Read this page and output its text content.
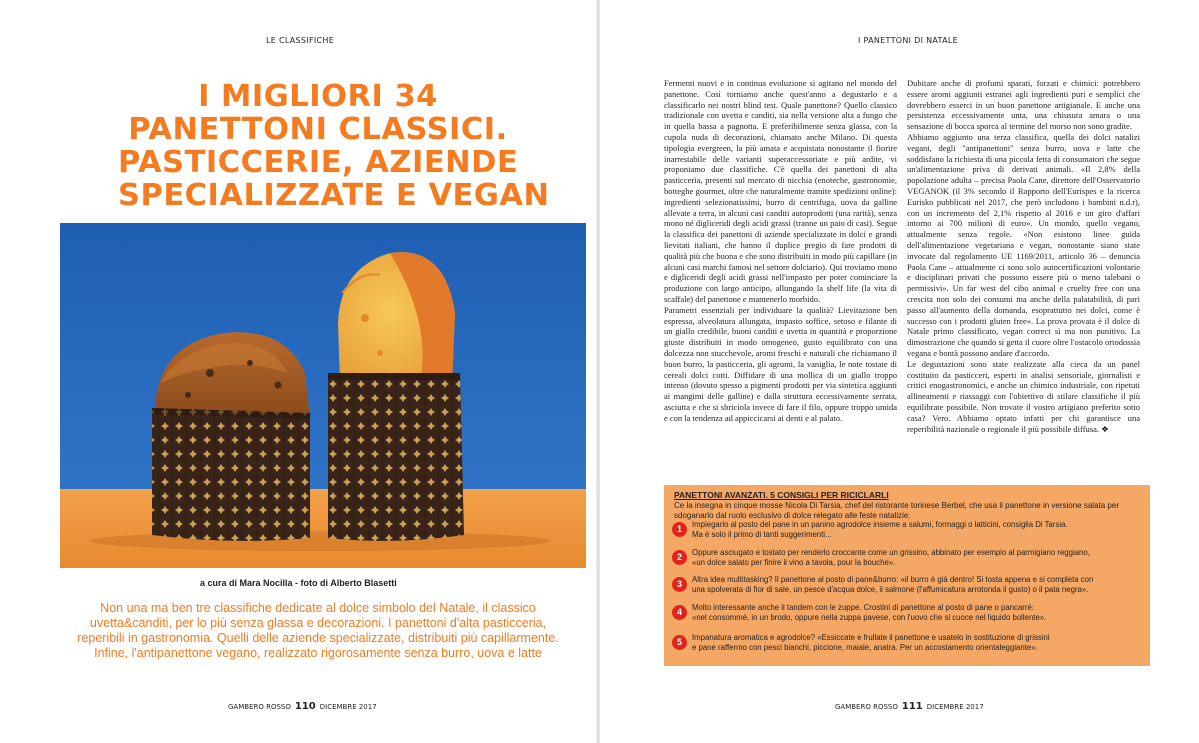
LE CLASSIFICHE
I MIGLIORI 34
PANETTONI CLASSICI.
PASTICCERIE, AZIENDE
SPECIALIZZATE E VEGAN
a cura di Mara Nocilla - foto di Alberto Blasetti
Non una ma ben tre classifiche dedicate al dolce simbolo del Natale, il classico
uvetta&canditi, per lo più senza glassa e decorazioni. I panettoni d'alta pasticceria,
reperibili in gastronomia. Quelli delle aziende specializzate, distribuiti più capillarmente.
Infine, l'antipanettone vegano, realizzato rigorosamente senza burro, uova e latte
GAMBERO ROSSO 110 DICEMBRE 2017
I PANETTONI DI NATALE

Fermenti nuovi e in continua evoluzione si agitano nel mondo del panettone. Così torniamo anche quest'anno a degustarlo e a classificarlo nei nostri blind test. Quale panettone? Quello classico tradizionale con uvetta e canditi, sia nella versione alta a fungo che in quella bassa a pagnotta. E preferibilmente senza glassa, con la cupola nuda di decorazioni, chiamato anche Milano. Di questa tipologia evergreen, la più amata e acquistata nonostante il fiorire inarrestabile delle varianti superaccessoriate e più ardite, vi proponiamo due classifiche. C'è quella dei panettoni di alta pasticceria, presenti sul mercato di nicchia (enoteche, gastronomie, botteghe gourmet, oltre che naturalmente tramite spedizioni online): ingredienti selezionatissimi, burro di centrifuga, uova da galline allevate a terra, in alcuni casi canditi autoprodotti (una rarità), senza mono né digliceridi degli acidi grassi (tranne un paio di casi). Segue la classifica dei panettoni di aziende specializzate in dolci e grandi lievitati italiani, che hanno il duplice pregio di fare prodotti di qualità più che buona e che sono distribuiti in modo più capillare (in alcuni casi marchi famosi nel settore dolciario). Qui troviamo mono e digliceridi degli acidi grassi nell'impasto per poter cominciare la produzione con largo anticipo, allungando la shelf life (la vita di scaffale) del panettone e mantenerlo morbido.

Parametri essenziali per individuare la qualità? Lievitazione ben espressa, alveolatura allungata, impasto soffice, setoso e filante di un giallo credibile, buoni canditi e uvetta in quantità e proporzione giuste distribuiti in modo omogeneo, gusto equilibrato con una dolcezza non stucchevole, aromi freschi e naturali che richiamano il buon burro, la pasticceria, gli agrumi, la vaniglia, le note tostate di cereali dolci cotti. Diffidare di una mollica di un giallo troppo intenso (dovuto spesso a pigmenti prodotti per via sintetica aggiunti ai mangimi delle galline) e dalla struttura eccessivamente serrata, asciutta e che si sbriciola invece di fare il filo, oppure troppo umida e con la tendenza ad appiccicarsi ai denti e al palato.

Dubitare anche di profumi sparati, forzati e chimici: potrebbero essere aromi aggiunti estranei agli ingredienti puri e semplici che dovrebbero esserci in un buon panettone artigianale. E anche una persistenza eccessivamente unta, una chiusura amara o una sensazione di bocca sporca al termine del morso non sono gradite.

Abbiamo aggiunto una terza classifica, quella dei dolci natalizi vegani, degli "antipanettoni" senza burro, uova e latte che soddisfano la richiesta di una piccola fetta di consumatori che segue un'alimentazione priva di derivati animali. «Il 2,8% della popolazione adulta – precisa Paola Cane, direttore dell'Osservatorio VEGANOK (il 3% secondo il Rapporto dell'Eurispes e la ricerca Eurisko pubblicati nel 2017, che però includono i bambini n.d.r), con un incremento del 2,1% rispetto al 2016 e un giro d'affari intorno ai 700 milioni di euro». Un mondo, quello vegano, attualmente senza regole. «Non esistono linee guida dell'alimentazione vegetariana e vegan, nonostante siano state invocate dal regolamento UE 1169/2011, articolo 36 – denuncia Paola Cane – attualmente ci sono solo autocertificazioni volontarie e disciplinari privati che possono essere più o meno talebani o permissivi». Un far west del cibo animal e cruelty free con una crescita non solo dei consumi ma anche della palatabilità, di pari passo all'aumento della domanda, esoprattutto nei dolci, come è successo con i prodotti gluten free». La prova provata è il dolce di Natale primo classificato, vegan correct sì ma non punitivo. La dimostrazione che quando si getta il cuore oltre l'ostacolo ortodossia vegana e bontà possono andare d'accordo.

Le degustazioni sono state realizzate alla cieca da un panel costituito da pasticceri, esperti in analisi sensoriale, giornalisti e critici enogastronomici, e anche un chimico industriale, con ripetuti allineamenti e riassaggi con l'obiettivo di stilare classifiche il più equilibrate possibile. Non trovate il vostro artigiano preferito sotto casa? Vero. Abbiamo optato infatti per chi garantisce una reperibilità nazionale o regionale il più possibile diffusa. ❖

PANETTONI AVANZATI. 5 CONSIGLI PER RICICLARLI
Ce la insegna in cinque mosse Nicola Di Tarsia, chef del ristorante torinese Berbel, che usa il panettone in versione salata per sdoganarlo dal ruolo esclusivo di dolce relegato alle feste natalizie.
1	Impiegarlo al posto del pane in un panino agrodolce insieme a salumi, formaggi o latticini, consiglia Di Tarsia.
Ma è solo il primo di tanti suggerimenti...
2	Oppure asciugato e tostato per renderlo croccante come un grissino, abbinato per esempio al parmigiano reggiano,
«un dolce salato per finire il vino a tavola, pour la bouche».
3	Altra idea multitasking? Il panettone al posto di pane&burro: «il burro è già dentro! Si tosta appena e si completa con
una spolverata di fior di sale, un pesce d'acqua dolce, il salmone (l'affumicatura arrotonda il gusto) o il pata negra».
4	Molto interessante anche il tandem con le zuppe. Crostini di panettone al posto di pane o pancarré:
«nel consommé, in un brodo, oppure nella zuppa pavese, con l'uovo che si cuoce nel liquido bollente».
5	Impanatura aromatica e agrodolce? «Essiccate e frullate il panettone e usatelo in sostituzione di grissini
e pane raffermo con pesci bianchi, piccione, maiale, anatra. Per un accostamento orientaleggiante».
GAMBERO ROSSO 111 DICEMBRE 2017
